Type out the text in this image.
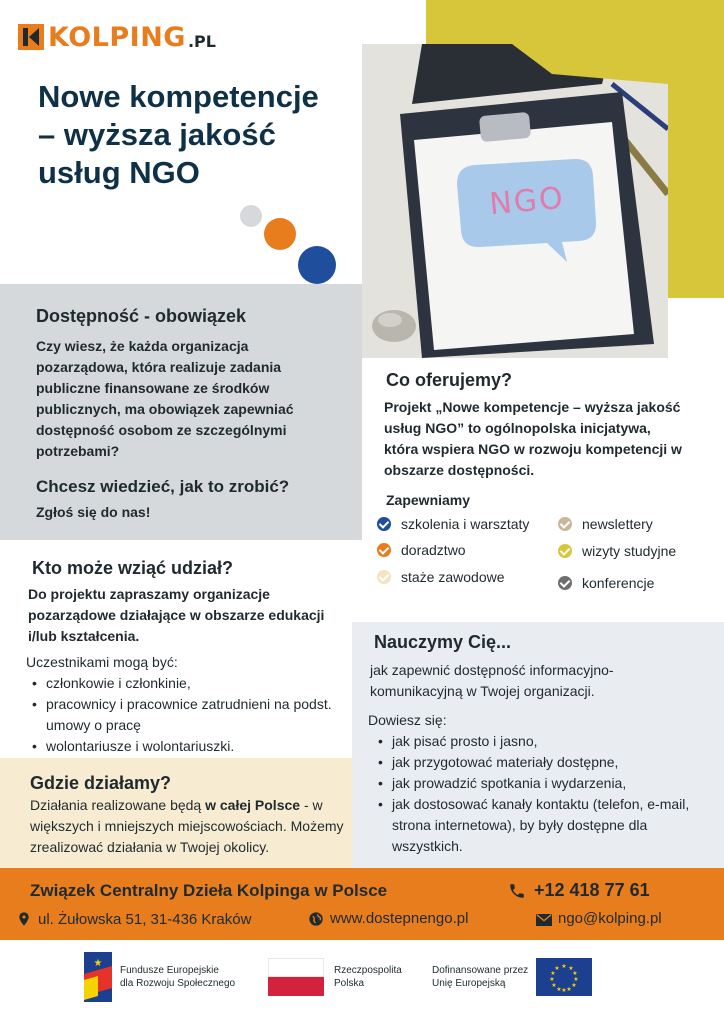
KOLPING .PL
Nowe kompetencje – wyższa jakość usług NGO
NGO
Dostępność - obowiązek
Czy wiesz, że każda organizacja pozarządowa, która realizuje zadania publiczne finansowane ze środków publicznych, ma obowiązek zapewniać dostępność osobom ze szczególnymi potrzebami?
Chcesz wiedzieć, jak to zrobić?
Zgłoś się do nas!
Co oferujemy?
Projekt „Nowe kompetencje – wyższa jakość usług NGO” to ogólnopolska inicjatywa, która wspiera NGO w rozwoju kompetencji w obszarze dostępności.
Zapewniamy
szkolenia i warsztaty	newslettery
doradztwo	wizyty studyjne
staże zawodowe	konferencje
Kto może wziąć udział?
Do projektu zapraszamy organizacje pozarządowe działające w obszarze edukacji i/lub kształcenia.
Uczestnikami mogą być:
• członkowie i członkinie,
• pracownicy i pracownice zatrudnieni na podst. umowy o pracę
• wolontariusze i wolontariuszki.
Nauczymy Cię...
jak zapewnić dostępność informacyjno-komunikacyjną w Twojej organizacji.
Dowiesz się:
• jak pisać prosto i jasno,
• jak przygotować materiały dostępne,
• jak prowadzić spotkania i wydarzenia,
• jak dostosować kanały kontaktu (telefon, e-mail, strona internetowa), by były dostępne dla wszystkich.
Gdzie działamy?
Działania realizowane będą w całej Polsce - w większych i mniejszych miejscowościach. Możemy zrealizować działania w Twojej okolicy.
Związek Centralny Dzieła Kolpinga w Polsce	+12 418 77 61
ul. Żułowska 51, 31-436 Kraków	www.dostepnengo.pl	ngo@kolping.pl
★
Fundusze Europejskie
dla Rozwoju Społecznego
Rzeczpospolita
Polska
Dofinansowane przez
Unię Europejską
★ ★
★
★
★
★
★
★
★
★
★
★
